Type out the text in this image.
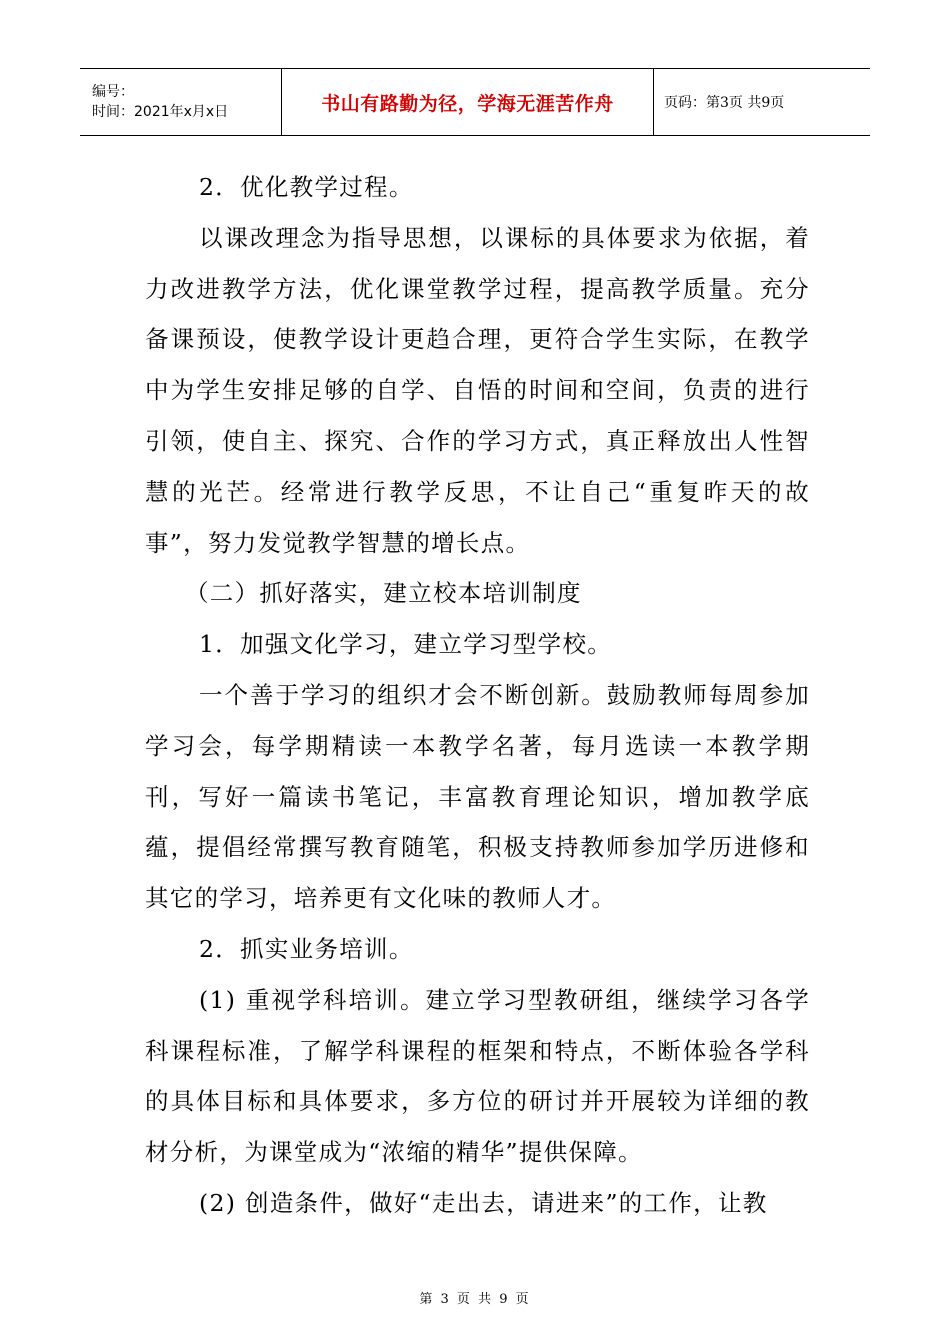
编号：
时间：2021年x月x日	书山有路勤为径，学海无涯苦作舟	页码：第3页 共9页

2．优化教学过程。

以课改理念为指导思想，以课标的具体要求为依据，着力改进教学方法，优化课堂教学过程，提高教学质量。充分备课预设，使教学设计更趋合理，更符合学生实际，在教学中为学生安排足够的自学、自悟的时间和空间，负责的进行引领，使自主、探究、合作的学习方式，真正释放出人性智慧的光芒。经常进行教学反思，不让自己“重复昨天的故事”，努力发觉教学智慧的增长点。

（二）抓好落实，建立校本培训制度

1．加强文化学习，建立学习型学校。

一个善于学习的组织才会不断创新。鼓励教师每周参加学习会，每学期精读一本教学名著，每月选读一本教学期刊，写好一篇读书笔记，丰富教育理论知识，增加教学底蕴，提倡经常撰写教育随笔，积极支持教师参加学历进修和其它的学习，培养更有文化味的教师人才。

2．抓实业务培训。

(1) 重视学科培训。建立学习型教研组，继续学习各学科课程标准，了解学科课程的框架和特点，不断体验各学科的具体目标和具体要求，多方位的研讨并开展较为详细的教材分析，为课堂成为“浓缩的精华”提供保障。

(2) 创造条件，做好“走出去，请进来”的工作，让教

第 3 页 共 9 页
